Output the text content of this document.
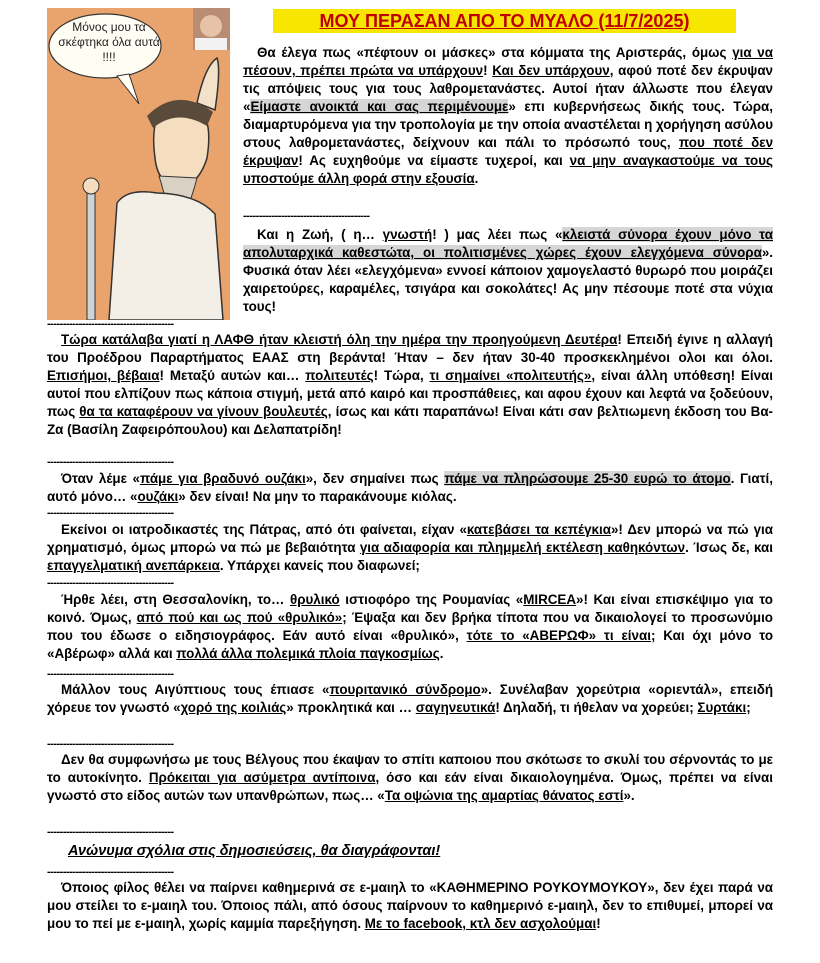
Μόνος μου τα σκέφτηκα όλα αυτά !!!!
ΜΟΥ ΠΕΡΑΣΑΝ ΑΠΟ ΤΟ ΜΥΑΛΟ (11/7/2025)

Θα έλεγα πως «πέφτουν οι μάσκες» στα κόμματα της Αριστεράς, όμως για να πέσουν, πρέπει πρώτα να υπάρχουν! Και δεν υπάρχουν, αφού ποτέ δεν έκρυψαν τις απόψεις τους για τους λαθρομετανάστες. Αυτοί ήταν άλλωστε που έλεγαν «Είμαστε ανοικτά και σας περιμένουμε» επι κυβερνήσεως δικής τους. Τώρα, διαμαρτυρόμενα για την τροπολογία με την οποία αναστέλεται η χορήγηση ασύλου στους λαθρομετανάστες, δείχνουν και πάλι το πρόσωπό τους, που ποτέ δεν έκρυψαν! Ας ευχηθούμε να είμαστε τυχεροί, και να μην αναγκαστούμε να τους υποστούμε άλλη φορά στην εξουσία.

----------------------------------------

Και η Ζωή, ( η… γνωστή! ) μας λέει πως «κλειστά σύνορα έχουν μόνο τα απολυταρχικά καθεστώτα, οι πολιτισμένες χώρες έχουν ελεγχόμενα σύνορα». Φυσικά όταν λέει «ελεγχόμενα» εννοεί κάποιον χαμογελαστό θυρωρό που μοιράζει χαιρετούρες, καραμέλες, τσιγάρα και σοκολάτες! Ας μην πέσουμε ποτέ στα νύχια τους!

----------------------------------------

Τώρα κατάλαβα γιατί η ΛΑΦΘ ήταν κλειστή όλη την ημέρα την προηγούμενη Δευτέρα! Επειδή έγινε η αλλαγή του Προέδρου Παραρτήματος ΕΑΑΣ στη βεράντα! Ήταν – δεν ήταν 30-40 προσκεκλημένοι ολοι και όλοι. Επισήμοι, βέβαια! Μεταξύ αυτών και… πολιτευτές! Τώρα, τι σημαίνει «πολιτευτής», είναι άλλη υπόθεση! Είναι αυτοί που ελπίζουν πως κάποια στιγμή, μετά από καιρό και προσπάθειες, και αφου έχουν και λεφτά να ξοδεύουν, πως θα τα καταφέρουν να γίνουν βουλευτές, ίσως και κάτι παραπάνω! Είναι κάτι σαν βελτιωμενη έκδοση του Βα-Ζα (Βασίλη Ζαφειρόπουλου) και Δελαπατρίδη!

----------------------------------------

Όταν λέμε «πάμε για βραδυνό ουζάκι», δεν σημαίνει πως πάμε να πληρώσουμε 25-30 ευρώ το άτομο. Γιατί, αυτό μόνο… «ουζάκι» δεν είναι! Να μην το παρακάνουμε κιόλας.

----------------------------------------

Εκείνοι οι ιατροδικαστές της Πάτρας, από ότι φαίνεται, είχαν «κατεβάσει τα κεπέγκια»! Δεν μπορώ να πώ για χρηματισμό, όμως μπορώ να πώ με βεβαιότητα για αδιαφορία και πλημμελή εκτέλεση καθηκόντων. Ίσως δε, και επαγγελματική ανεπάρκεια. Υπάρχει κανείς που διαφωνεί;

----------------------------------------

Ήρθε λέει, στη Θεσσαλονίκη, το… θρυλικό ιστιοφόρο της Ρουμανίας «MIRCEA»! Και είναι επισκέψιμο για το κοινό. Όμως, από πού και ως πού «θρυλικό»; Έψαξα και δεν βρήκα τίποτα που να δικαιολογεί το προσωνύμιο που του έδωσε ο ειδησιογράφος. Εάν αυτό είναι «θρυλικό», τότε το «ΑΒΕΡΩΦ» τι είναι; Και όχι μόνο το «Αβέρωφ» αλλά και πολλά άλλα πολεμικά πλοία παγκοσμίως.

----------------------------------------

Μάλλον τους Αιγύπτιους τους έπιασε «πουριτανικό σύνδρομο». Συνέλαβαν χορεύτρια «οριεντάλ», επειδή χόρευε τον γνωστό «χορό της κοιλιάς» προκλητικά και … σαγηνευτικά! Δηλαδή, τι ήθελαν να χορεύει; Συρτάκι;

----------------------------------------

Δεν θα συμφωνήσω με τους Βέλγους που έκαψαν το σπίτι καποιου που σκότωσε το σκυλί του σέρνοντάς το με το αυτοκίνητο. Πρόκειται για ασύμετρα αντίποινα, όσο και εάν είναι δικαιολογημένα. Όμως, πρέπει να είναι γνωστό στο είδος αυτών των υπανθρώπων, πως… «Τα οψώνια της αμαρτίας θάνατος εστί».

----------------------------------------
Ανώνυμα σχόλια στις δημοσιεύσεις, θα διαγράφονται!
----------------------------------------

Όποιος φίλος θέλει να παίρνει καθημερινά σε ε-μαιηλ το «ΚΑΘΗΜΕΡΙΝΟ ΡΟΥΚΟΥΜΟΥΚΟΥ», δεν έχει παρά να μου στείλει το ε-μαιηλ του. Όποιος πάλι, από όσους παίρνουν το καθημερινό ε-μαιηλ, δεν το επιθυμεί, μπορεί να μου το πεί με ε-μαιηλ, χωρίς καμμία παρεξήγηση. Με το facebook, κτλ δεν ασχολούμαι!
